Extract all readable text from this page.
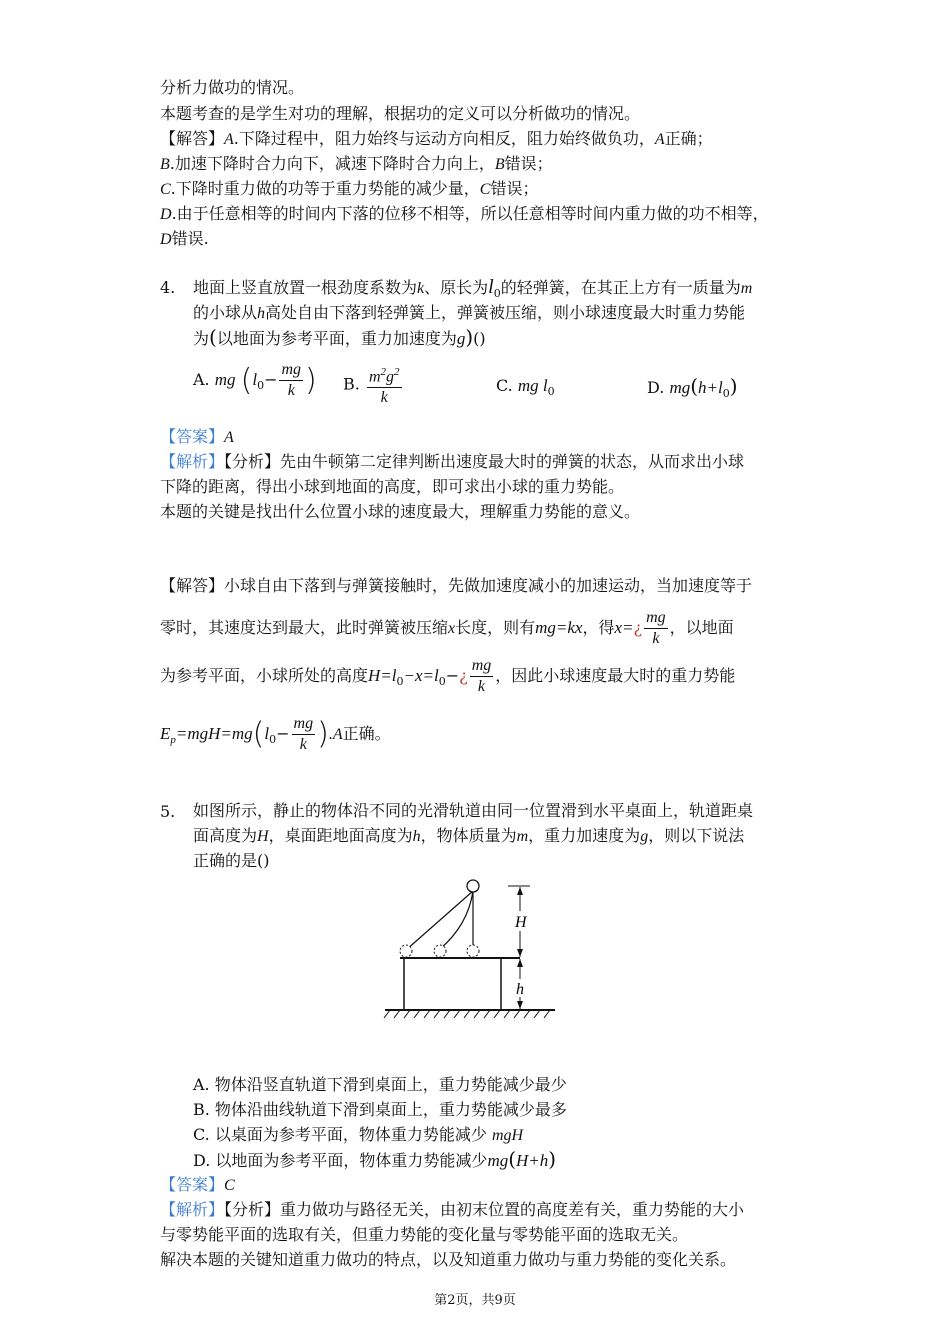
分析力做功的情况。
本题考查的是学生对功的理解，根据功的定义可以分析做功的情况。
【解答】A.下降过程中，阻力始终与运动方向相反，阻力始终做负功，A正确；
B.加速下降时合力向下，减速下降时合力向上，B错误；
C.下降时重力做的功等于重力势能的减少量，C错误；
D.由于任意相等的时间内下落的位移不相等，所以任意相等时间内重力做的功不相等，
D错误.
4. 地面上竖直放置一根劲度系数为k、原长为$l_0$的轻弹簧，在其正上方有一质量为m
的小球从h高处自由下落到轻弹簧上，弹簧被压缩，则小球速度最大时重力势能
为(以地面为参考平面，重力加速度为g)()
A. mg ($l_0- \frac{mg}{k}$ ) B. $\frac{m^2g^2}{k}$	C. mg $l_0$	D. $mg(h+l_0)$
【答案】A
【解析】【分析】先由牛顿第二定律判断出速度最大时的弹簧的状态，从而求出小球
下降的距离，得出小球到地面的高度，即可求出小球的重力势能。
本题的关键是找出什么位置小球的速度最大，理解重力势能的意义。
【解答】小球自由下落到与弹簧接触时，先做加速度减小的加速运动，当加速度等于
零时，其速度达到最大，此时弹簧被压缩x长度，则有mg=kx，得x=¿ $\frac{mg}{k}$ ，以地面
为参考平面，小球所处的高度$H=l_0-x=l_0-¿ \frac{mg}{k}$ ，因此小球速度最大时的重力势能
$E_p=mgH=mg(l_0- \frac{mg}{k} ).A$正确。
5. 如图所示，静止的物体沿不同的光滑轨道由同一位置滑到水平桌面上，轨道距桌
面高度为H，桌面距地面高度为h，物体质量为m，重力加速度为g，则以下说法
正确的是()
H
h
A. 物体沿竖直轨道下滑到桌面上，重力势能减少最少
B. 物体沿曲线轨道下滑到桌面上，重力势能减少最多
C. 以桌面为参考平面，物体重力势能减少 mgH
D. 以地面为参考平面，物体重力势能减少mg(H+h)
【答案】C
【解析】【分析】重力做功与路径无关，由初末位置的高度差有关，重力势能的大小
与零势能平面的选取有关，但重力势能的变化量与零势能平面的选取无关。
解决本题的关键知道重力做功的特点，以及知道重力做功与重力势能的变化关系。
第2页，共9页
